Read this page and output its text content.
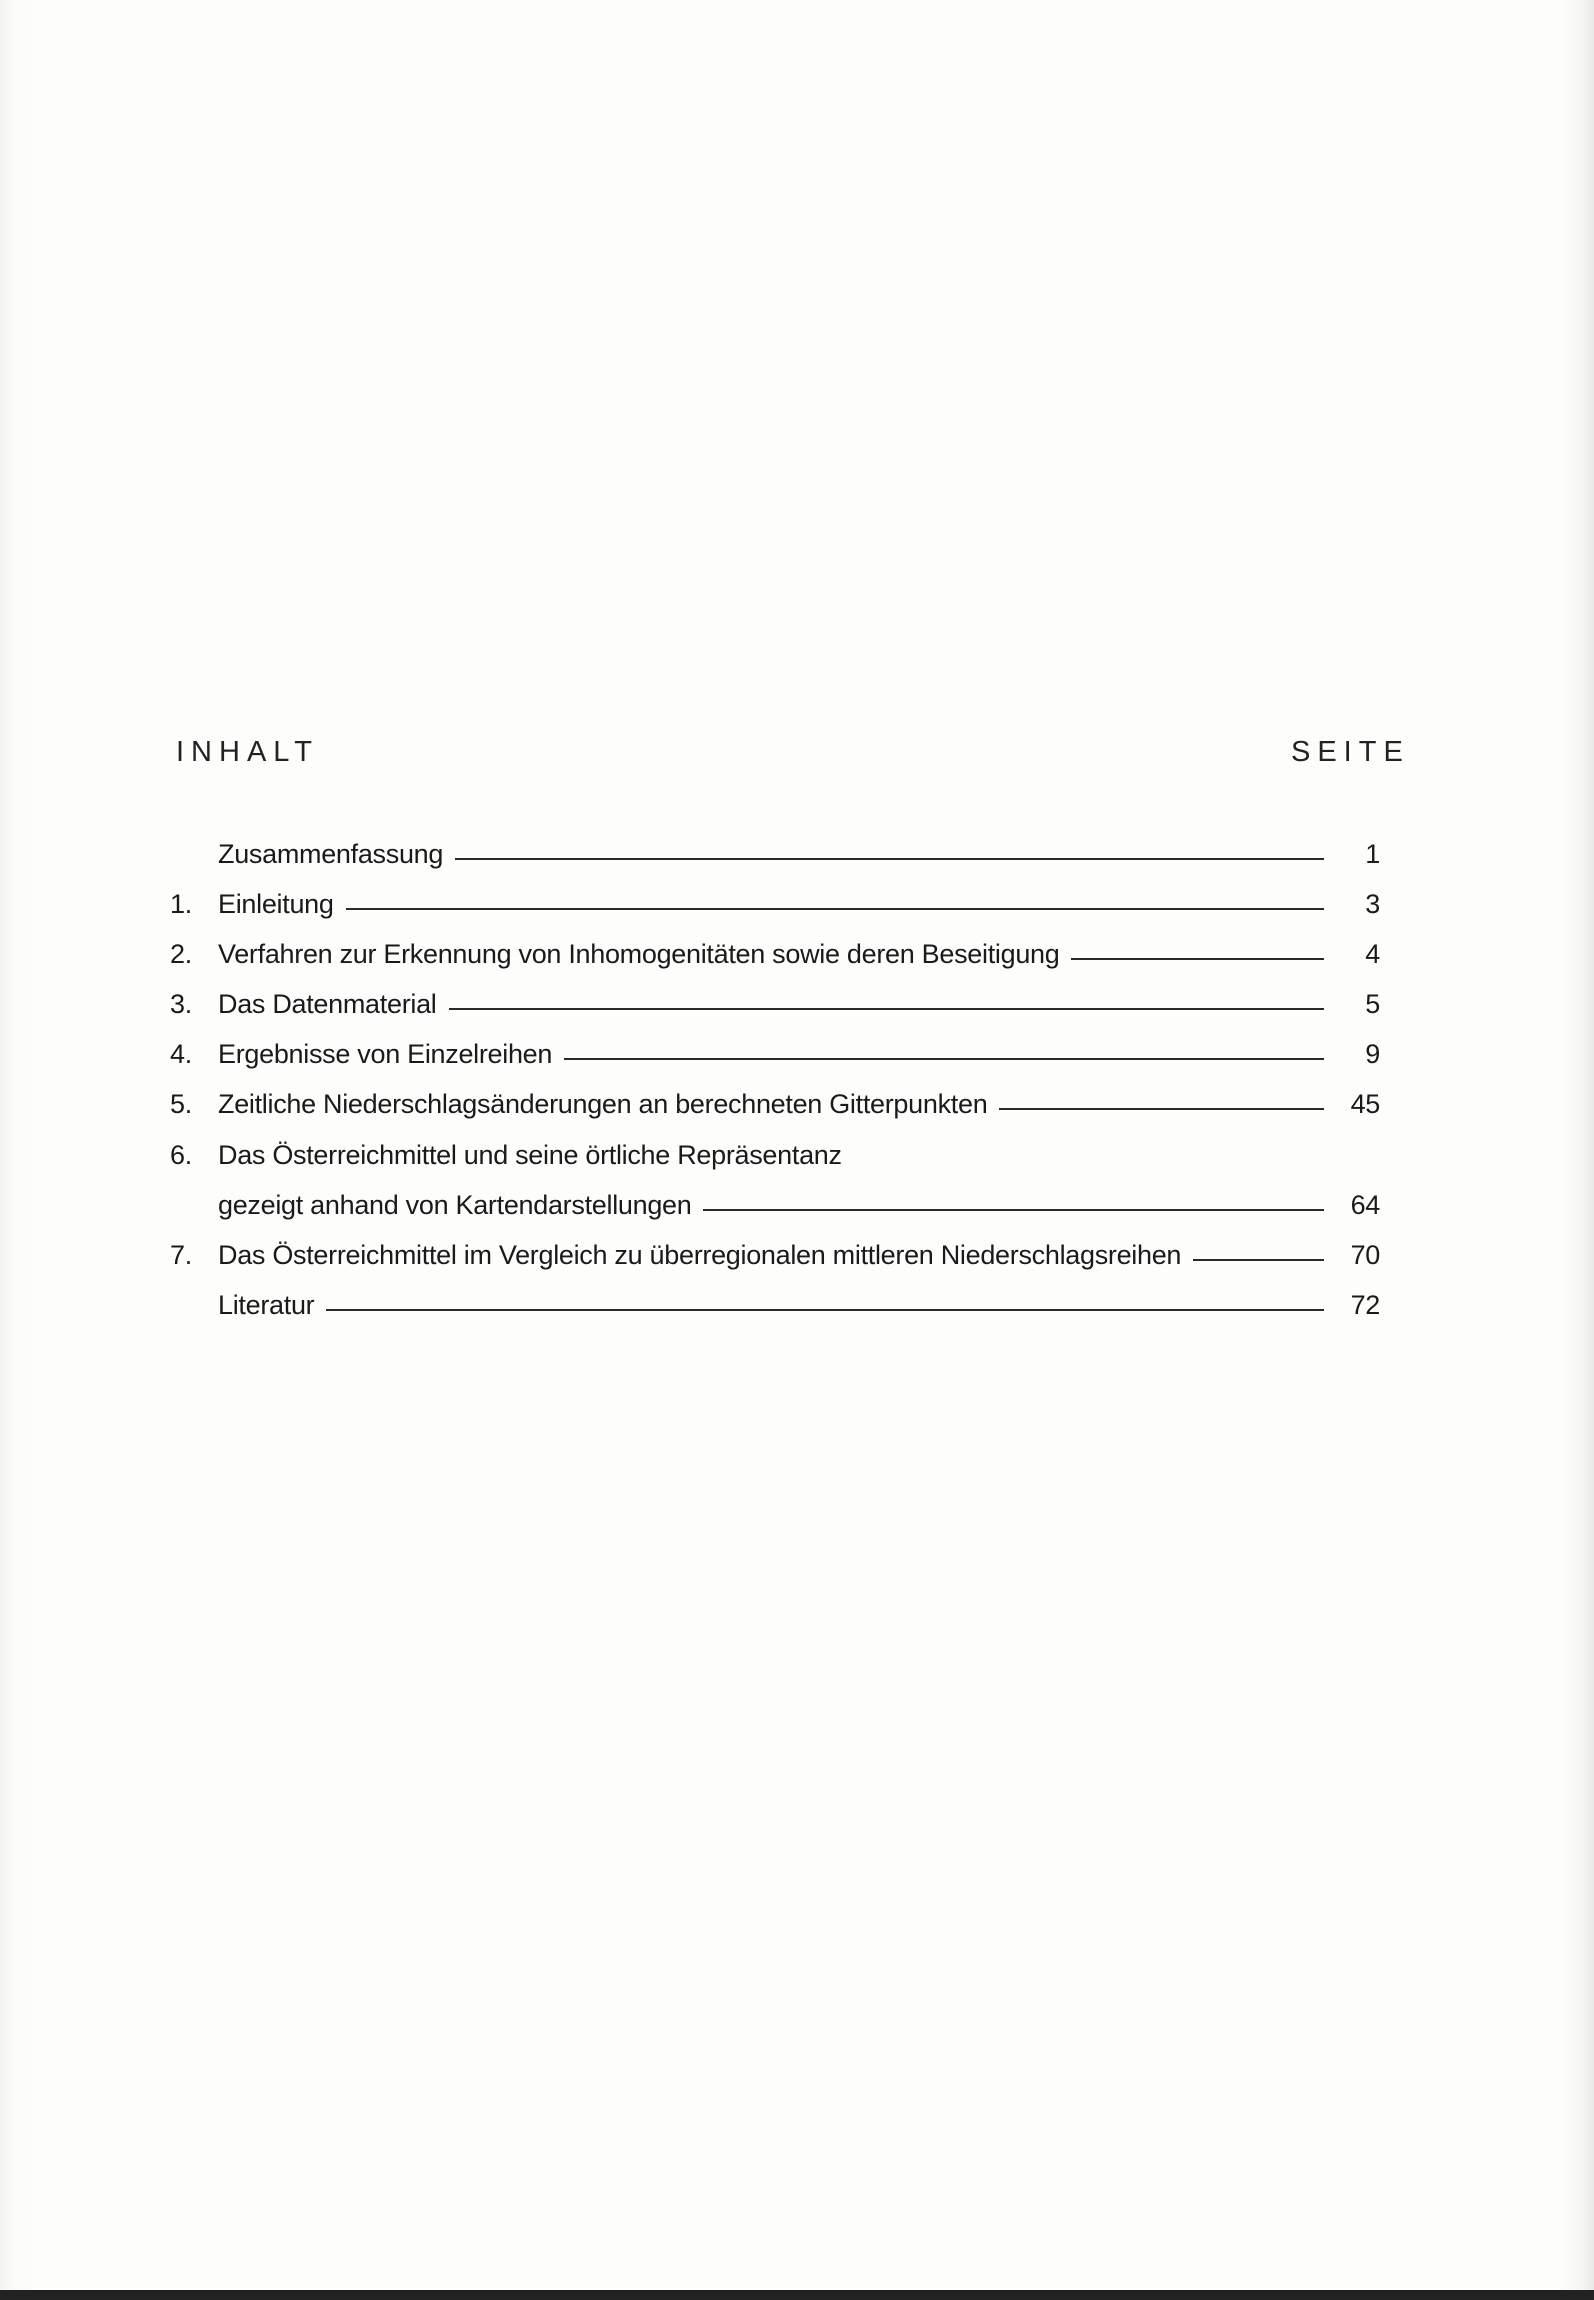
INHALT	SEITE
Zusammenfassung	1
1. Einleitung	3
2. Verfahren zur Erkennung von Inhomogenitäten sowie deren Beseitigung	4
3. Das Datenmaterial	5
4. Ergebnisse von Einzelreihen	9
5. Zeitliche Niederschlagsänderungen an berechneten Gitterpunkten	45
6. Das Österreichmittel und seine örtliche Repräsentanz
gezeigt anhand von Kartendarstellungen	64
7. Das Österreichmittel im Vergleich zu überregionalen mittleren Niederschlagsreihen	70
Literatur	72
